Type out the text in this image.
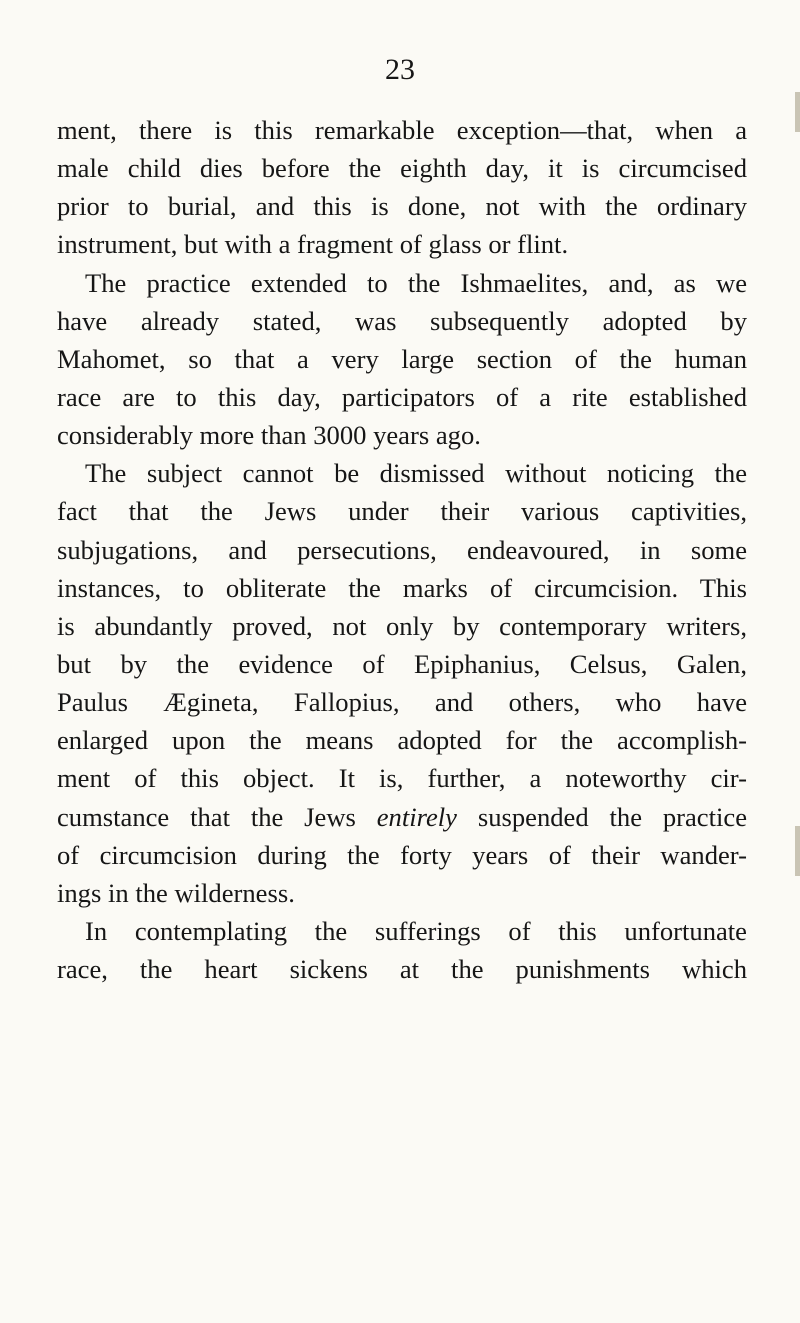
23
ment, there is this remarkable exception—that, when a
male child dies before the eighth day, it is circumcised
prior to burial, and this is done, not with the ordinary
instrument, but with a fragment of glass or flint.
The practice extended to the Ishmaelites, and, as we
have already stated, was subsequently adopted by
Mahomet, so that a very large section of the human
race are to this day, participators of a rite established
considerably more than 3000 years ago.
The subject cannot be dismissed without noticing the
fact that the Jews under their various captivities,
subjugations, and persecutions, endeavoured, in some
instances, to obliterate the marks of circumcision. This
is abundantly proved, not only by contemporary writers,
but by the evidence of Epiphanius, Celsus, Galen,
Paulus Ægineta, Fallopius, and others, who have
enlarged upon the means adopted for the accomplish-
ment of this object. It is, further, a noteworthy cir-
cumstance that the Jews entirely suspended the practice
of circumcision during the forty years of their wander-
ings in the wilderness.
In contemplating the sufferings of this unfortunate
race, the heart sickens at the punishments which
